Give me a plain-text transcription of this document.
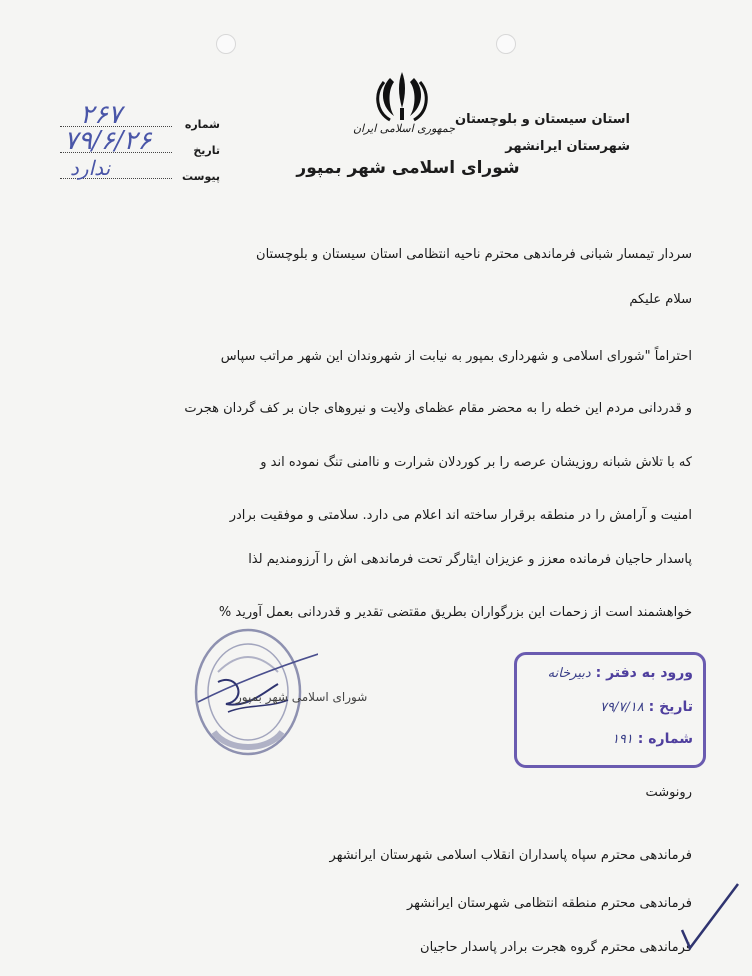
استان سیستان و بلوچستان
شهرستان ایرانشهر
جمهوری اسلامی ایران
شورای اسلامی شهر بمپور
شماره
۲۶۷
تاریخ
۷۹/۶/۲۶
پیوست
ندارد
سردار تیمسار شبانی فرماندهی محترم ناحیه انتظامی استان سیستان و بلوچستان
سلام علیکم
احتراماً "شورای اسلامی و شهرداری بمپور به نیابت از شهروندان این شهر مراتب سپاس
و قدردانی مردم این خطه را به محضر مقام عظمای ولایت و نیروهای جان بر کف گردان هجرت
که با تلاش شبانه روزیشان عرصه را بر کوردلان شرارت و ناامنی تنگ نموده اند و
امنیت و آرامش را در منطقه برقرار ساخته اند اعلام می دارد. سلامتی و موفقیت برادر
پاسدار حاجیان فرمانده معزز و عزیزان ایثارگر تحت فرماندهی اش را آرزومندیم لذا
خواهشمند است از زحمات این بزرگواران بطریق مقتضی تقدیر و قدردانی بعمل آورید %
شورای اسلامی شهر بمپور
ورود به دفتر : دبیرخانه
تاریخ : ۷۹/۷/۱۸
شماره : ۱۹۱
رونوشت
فرماندهی محترم سپاه پاسداران انقلاب اسلامی شهرستان ایرانشهر
فرماندهی محترم منطقه انتظامی شهرستان ایرانشهر
فرماندهی محترم گروه هجرت برادر پاسدار حاجیان
